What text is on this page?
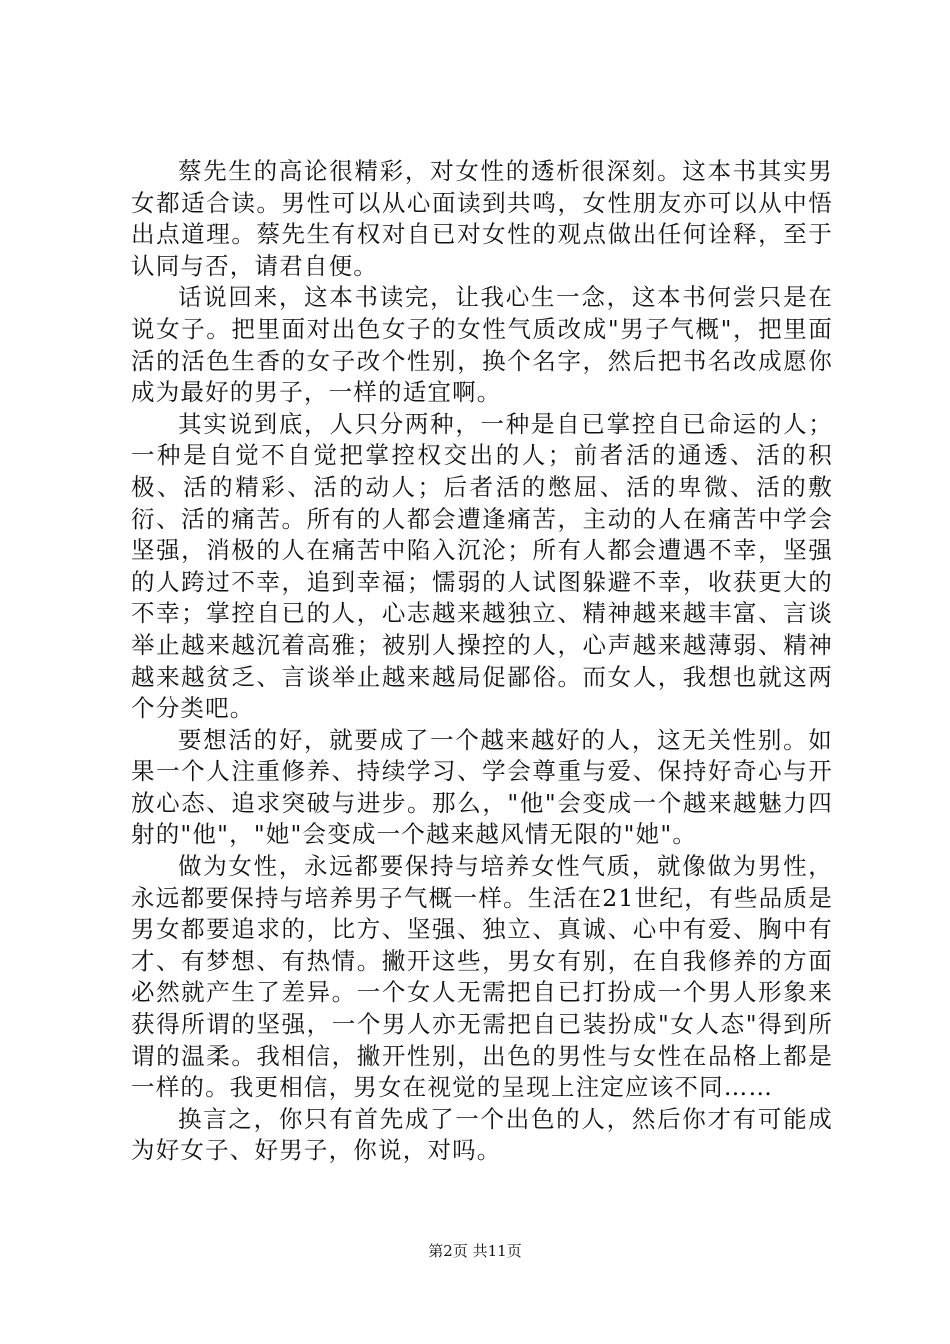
蔡先生的高论很精彩，对女性的透析很深刻。这本书其实男女都适合读。男性可以从心面读到共鸣，女性朋友亦可以从中悟出点道理。蔡先生有权对自已对女性的观点做出任何诠释，至于认同与否，请君自便。

话说回来，这本书读完，让我心生一念，这本书何尝只是在说女子。把里面对出色女子的女性气质改成"男子气概"，把里面活的活色生香的女子改个性别，换个名字，然后把书名改成愿你成为最好的男子，一样的适宜啊。

其实说到底，人只分两种，一种是自已掌控自已命运的人；一种是自觉不自觉把掌控权交出的人；前者活的通透、活的积极、活的精彩、活的动人；后者活的憋屈、活的卑微、活的敷衍、活的痛苦。所有的人都会遭逢痛苦，主动的人在痛苦中学会坚强，消极的人在痛苦中陷入沉沦；所有人都会遭遇不幸，坚强的人跨过不幸，追到幸福；懦弱的人试图躲避不幸，收获更大的不幸；掌控自已的人，心志越来越独立、精神越来越丰富、言谈举止越来越沉着高雅；被别人操控的人，心声越来越薄弱、精神越来越贫乏、言谈举止越来越局促鄙俗。而女人，我想也就这两个分类吧。

要想活的好，就要成了一个越来越好的人，这无关性别。如果一个人注重修养、持续学习、学会尊重与爱、保持好奇心与开放心态、追求突破与进步。那么，"他"会变成一个越来越魅力四射的"他"，"她"会变成一个越来越风情无限的"她"。

做为女性，永远都要保持与培养女性气质，就像做为男性，永远都要保持与培养男子气概一样。生活在21世纪，有些品质是男女都要追求的，比方、坚强、独立、真诚、心中有爱、胸中有才、有梦想、有热情。撇开这些，男女有别，在自我修养的方面必然就产生了差异。一个女人无需把自已打扮成一个男人形象来获得所谓的坚强，一个男人亦无需把自已装扮成"女人态"得到所谓的温柔。我相信，撇开性别，出色的男性与女性在品格上都是一样的。我更相信，男女在视觉的呈现上注定应该不同……

换言之，你只有首先成了一个出色的人，然后你才有可能成为好女子、好男子，你说，对吗。

第2页 共11页
